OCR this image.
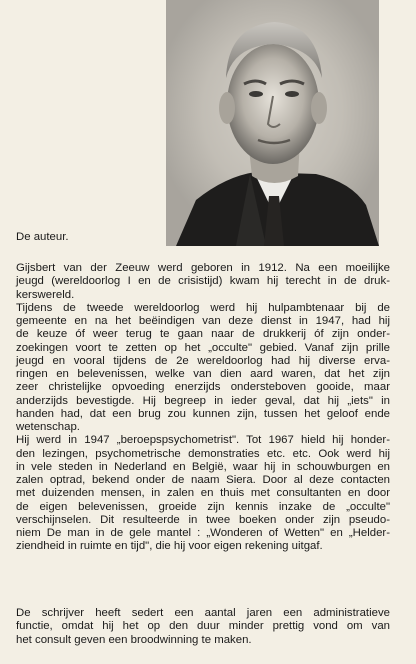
De auteur.
Gijsbert van der Zeeuw werd geboren in 1912. Na een moeilijke
jeugd (wereldoorlog I en de crisistijd) kwam hij terecht in de druk-
kerswereld.
Tijdens de tweede wereldoorlog werd hij hulpambtenaar bij de
gemeente en na het beëindigen van deze dienst in 1947, had hij
de keuze óf weer terug te gaan naar de drukkerij óf zijn onder-
zoekingen voort te zetten op het „occulte" gebied. Vanaf zijn prille
jeugd en vooral tijdens de 2e wereldoorlog had hij diverse erva-
ringen en belevenissen, welke van dien aard waren, dat het zijn
zeer christelijke opvoeding enerzijds ondersteboven gooide, maar
anderzijds bevestigde. Hij begreep in ieder geval, dat hij „iets" in
handen had, dat een brug zou kunnen zijn, tussen het geloof ende
wetenschap.
Hij werd in 1947 „beroepspsychometrist". Tot 1967 hield hij honder-
den lezingen, psychometrische demonstraties etc. etc. Ook werd hij
in vele steden in Nederland en België, waar hij in schouwburgen en
zalen optrad, bekend onder de naam Siera. Door al deze contacten
met duizenden mensen, in zalen en thuis met consultanten en door
de eigen belevenissen, groeide zijn kennis inzake de „occulte"
verschijnselen. Dit resulteerde in twee boeken onder zijn pseudo-
niem De man in de gele mantel : „Wonderen of Wetten" en „Helder-
ziendheid in ruimte en tijd", die hij voor eigen rekening uitgaf.
De schrijver heeft sedert een aantal jaren een administratieve
functie, omdat hij het op den duur minder prettig vond om van
het consult geven een broodwinning te maken.
